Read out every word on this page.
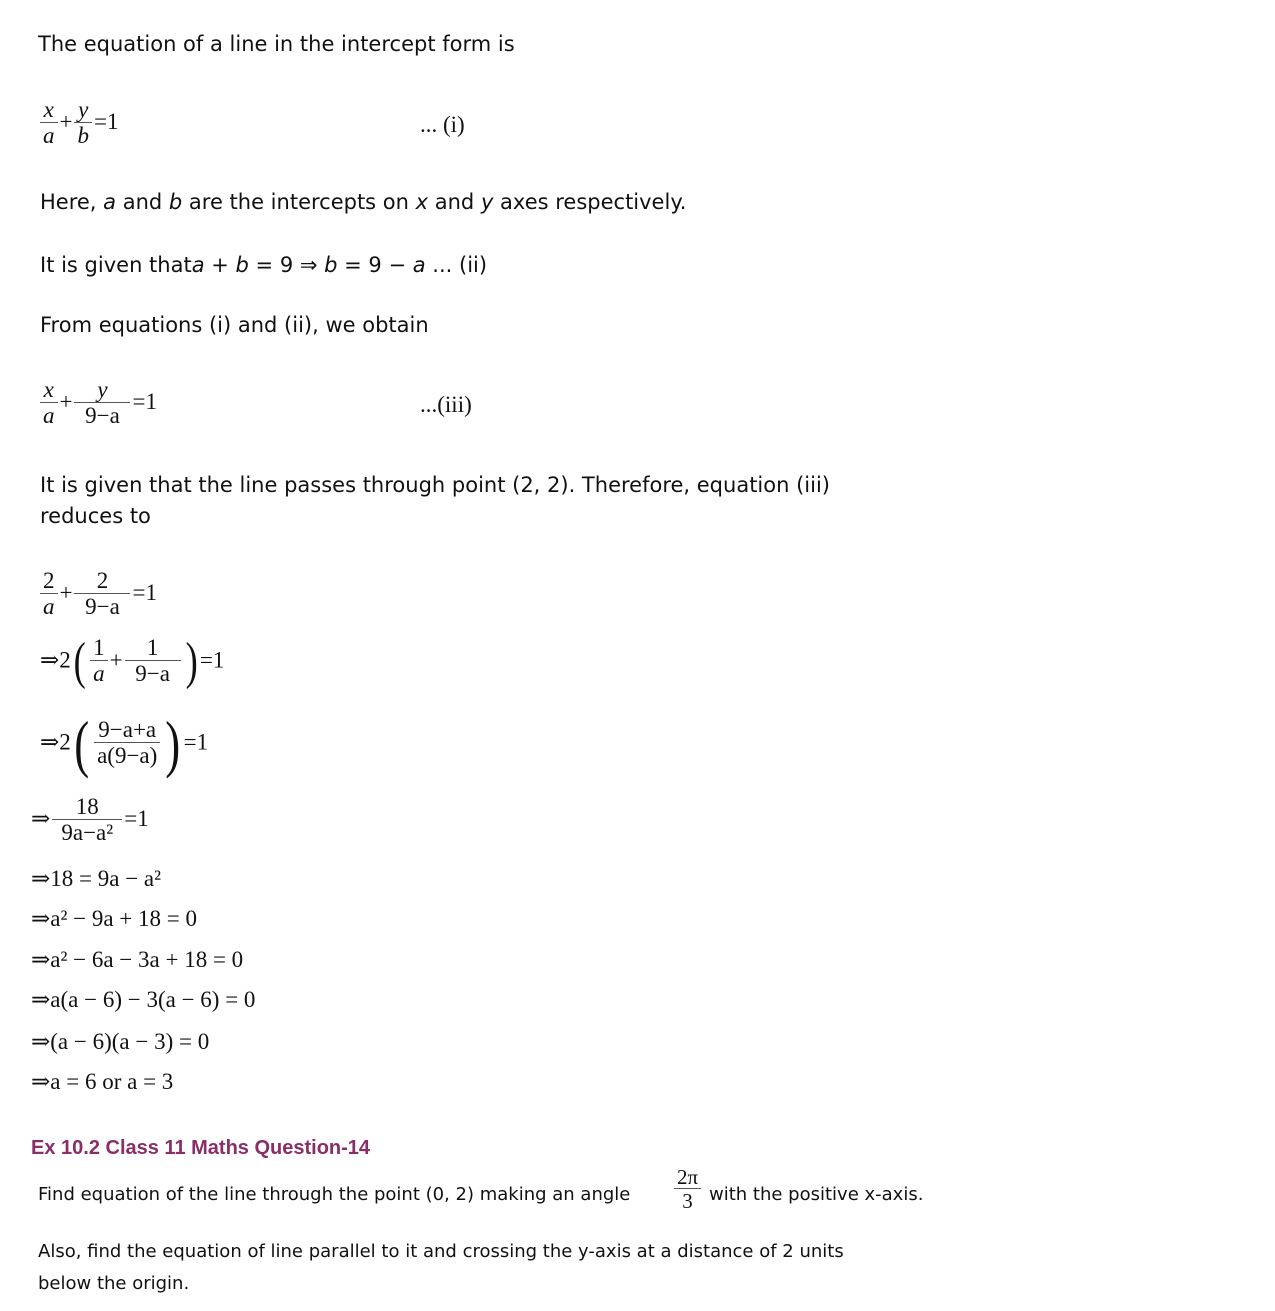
The equation of a line in the intercept form is
$\frac{x}{a} + \frac{y}{b} =1$	... (i)
Here, a and b are the intercepts on x and y axes respectively.
It is given thata + b = 9 ⇒ b = 9 − a ... (ii)
From equations (i) and (ii), we obtain
$\frac{x}{a} + \frac{y}{9-a} =1$	...(iii)
It is given that the line passes through point (2, 2). Therefore, equation (iii)
reduces to
$\frac{2}{a} + \frac{2}{9-a} =1$
⇒2( $\frac{1}{a} + \frac{1}{9-a}$ ) =1
⇒2( $\frac{9-a+a}{a(9-a)}$ ) =1
⇒ $\frac{18}{\text{9a−a²}} =1$
⇒18 = 9a − a²
⇒a² − 9a + 18 = 0
⇒a² − 6a − 3a + 18 = 0
⇒a(a − 6) − 3(a − 6) = 0
⇒(a − 6)(a − 3) = 0
⇒a = 6 or a = 3
Ex 10.2 Class 11 Maths Question-14
Find equation of the line through the point (0, 2) making an angle $\frac{2\pi}{3}$ with the positive x-axis.
Also, find the equation of line parallel to it and crossing the y-axis at a distance of 2 units
below the origin.
